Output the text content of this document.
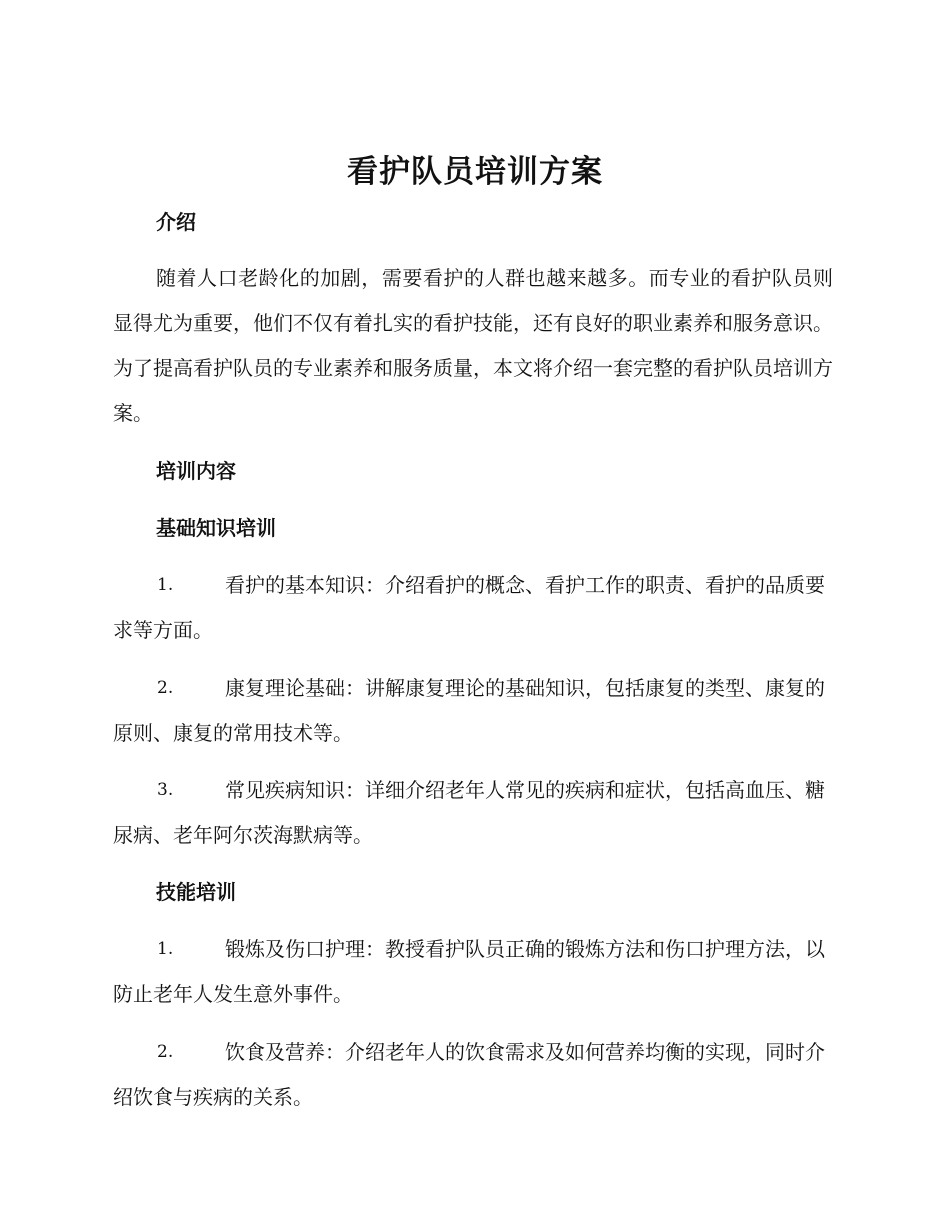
看护队员培训方案
介绍

随着人口老龄化的加剧，需要看护的人群也越来越多。而专业的看护队员则显得尤为重要，他们不仅有着扎实的看护技能，还有良好的职业素养和服务意识。为了提高看护队员的专业素养和服务质量，本文将介绍一套完整的看护队员培训方案。

培训内容
基础知识培训

1.	看护的基本知识：介绍看护的概念、看护工作的职责、看护的品质要求等方面。

2.	康复理论基础：讲解康复理论的基础知识，包括康复的类型、康复的原则、康复的常用技术等。

3.	常见疾病知识：详细介绍老年人常见的疾病和症状，包括高血压、糖尿病、老年阿尔茨海默病等。

技能培训

1.	锻炼及伤口护理：教授看护队员正确的锻炼方法和伤口护理方法，以防止老年人发生意外事件。

2.	饮食及营养：介绍老年人的饮食需求及如何营养均衡的实现，同时介绍饮食与疾病的关系。
